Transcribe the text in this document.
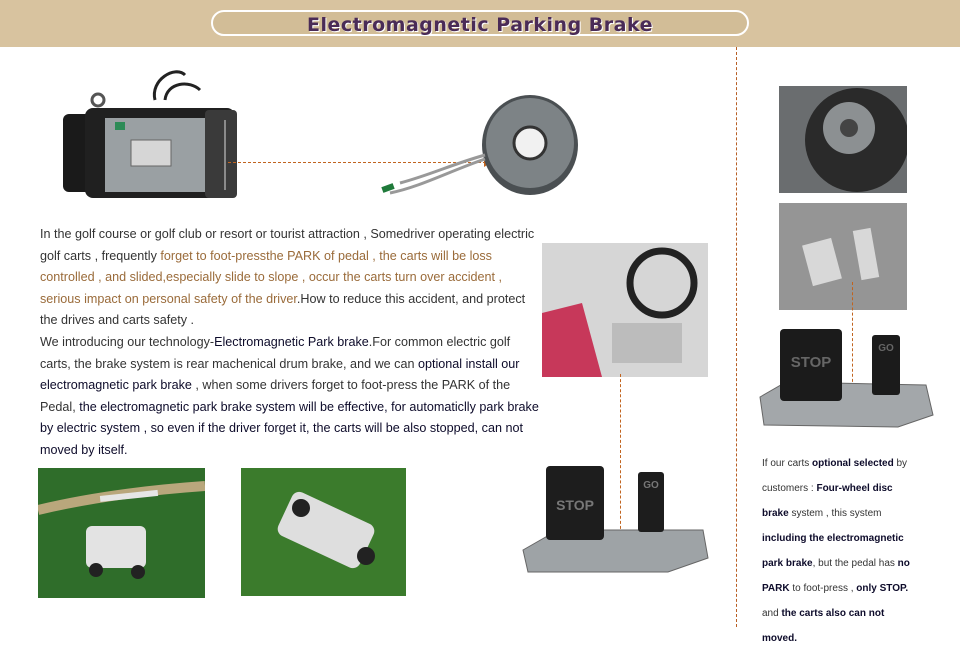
Electromagnetic Parking Brake

In the golf course or golf club or resort or tourist attraction , Somedriver operating electric golf carts , frequently forget to foot-pressthe PARK of pedal , the carts will be loss controlled , and slided,especially slide to slope , occur the carts turn over accident , serious impact on personal safety of the driver.How to reduce this accident, and protect the drives and carts safety .

We introducing our technology-Electromagnetic Park brake.For common electric golf carts, the brake system is rear machenical drum brake, and we can optional install our electromagnetic park brake , when some drivers forget to foot-press the PARK of the Pedal, the electromagnetic park brake system will be effective, for automaticlly park brake by electric system , so even if the driver forget it, the carts will be also stopped, can not moved by itself.

STOP
GO
STOP
GO
If our carts optional selected by customers : Four-wheel disc brake system , this system including the electromagnetic park brake, but the pedal has no PARK to foot-press , only STOP. and the carts also can not moved.
